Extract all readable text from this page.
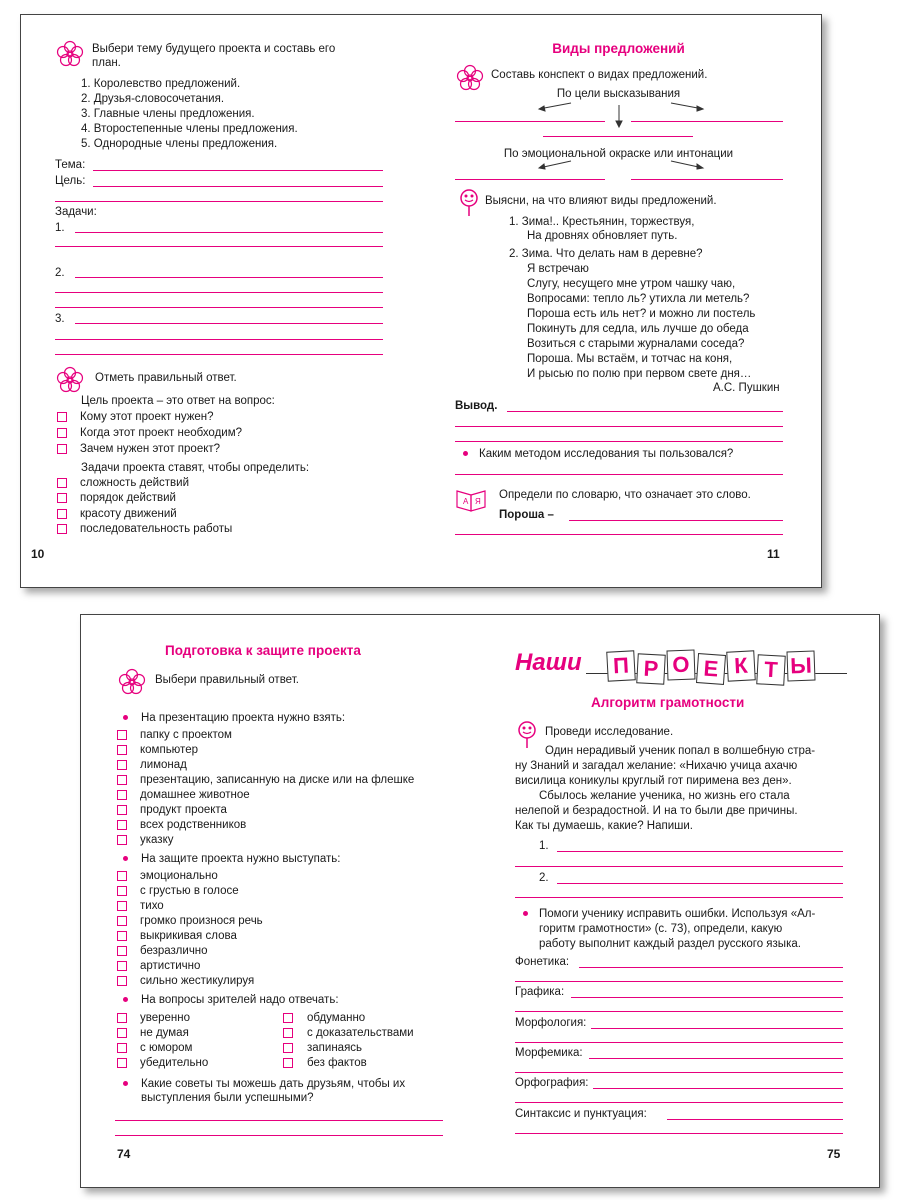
Выбери тему будущего проекта и составь его
план.
1. Королевство предложений.
2. Друзья-словосочетания.
3. Главные члены предложения.
4. Второстепенные члены предложения.
5. Однородные члены предложения.
Тема:
Цель:
Задачи:
1.
2.
3.
Отметь правильный ответ.
Цель проекта – это ответ на вопрос:
Кому этот проект нужен?
Когда этот проект необходим?
Зачем нужен этот проект?
Задачи проекта ставят, чтобы определить:
сложность действий
порядок действий
красоту движений
последовательность работы
10
Виды предложений
Составь конспект о видах предложений.
По цели высказывания
По эмоциональной окраске или интонации
Выясни, на что влияют виды предложений.
1. Зима!.. Крестьянин, торжествуя,
На дровнях обновляет путь.
2. Зима. Что делать нам в деревне?
Я встречаю
Слугу, несущего мне утром чашку чаю,
Вопросами: тепло ль? утихла ли метель?
Пороша есть иль нет? и можно ли постель
Покинуть для седла, иль лучше до обеда
Возиться с старыми журналами соседа?
Пороша. Мы встаём, и тотчас на коня,
И рысью по полю при первом свете дня…
А.С. Пушкин
Вывод.
Каким методом исследования ты пользовался?
A Я
Определи по словарю, что означает это слово.
Пороша –
11
Подготовка к защите проекта
Выбери правильный ответ.
На презентацию проекта нужно взять:
папку с проектом
компьютер
лимонад
презентацию, записанную на диске или на флешке
домашнее животное
продукт проекта
всех родственников
указку
На защите проекта нужно выступать:
эмоционально
с грустью в голосе
тихо
громко произнося речь
выкрикивая слова
безразлично
артистично
сильно жестикулируя
На вопросы зрителей надо отвечать:
уверенно
не думая
с юмором
убедительно
обдуманно
с доказательствами
запинаясь
без фактов
Какие советы ты можешь дать друзьям, чтобы их
выступления были успешными?
74
Наши П Р О Е К Т Ы
Алгоритм грамотности
Проведи исследование.
Один нерадивый ученик попал в волшебную стра-
ну Знаний и загадал желание: «Нихачю учица ахачю
висилица коникулы круглый гот пиримена вез ден».
Сбылось желание ученика, но жизнь его стала
нелепой и безрадостной. И на то были две причины.
Как ты думаешь, какие? Напиши.
1.
2.
Помоги ученику исправить ошибки. Используя «Ал-
горитм грамотности» (с. 73), определи, какую
работу выполнит каждый раздел русского языка.
Фонетика:
Графика:
Морфология:
Морфемика:
Орфография:
Синтаксис и пунктуация:
75
